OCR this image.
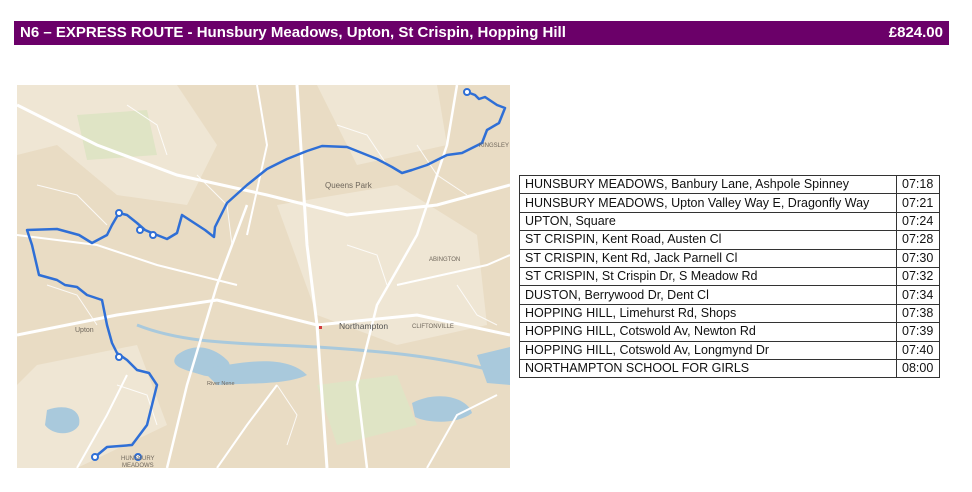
N6 – EXPRESS ROUTE - Hunsbury Meadows, Upton, St Crispin, Hopping Hill	£824.00
Queens Park
Northampton
Upton
ABINGTON
CLIFTONVILLE
HUNSBURY
MEADOWS
KINGSLEY
River Nene
HUNSBURY MEADOWS, Banbury Lane, Ashpole Spinney	07:18
HUNSBURY MEADOWS, Upton Valley Way E, Dragonfly Way	07:21
UPTON, Square	07:24
ST CRISPIN, Kent Road, Austen Cl	07:28
ST CRISPIN, Kent Rd, Jack Parnell Cl	07:30
ST CRISPIN, St Crispin Dr, S Meadow Rd	07:32
DUSTON, Berrywood Dr, Dent Cl	07:34
HOPPING HILL, Limehurst Rd, Shops	07:38
HOPPING HILL, Cotswold Av, Newton Rd	07:39
HOPPING HILL, Cotswold Av, Longmynd Dr	07:40
NORTHAMPTON SCHOOL FOR GIRLS	08:00
